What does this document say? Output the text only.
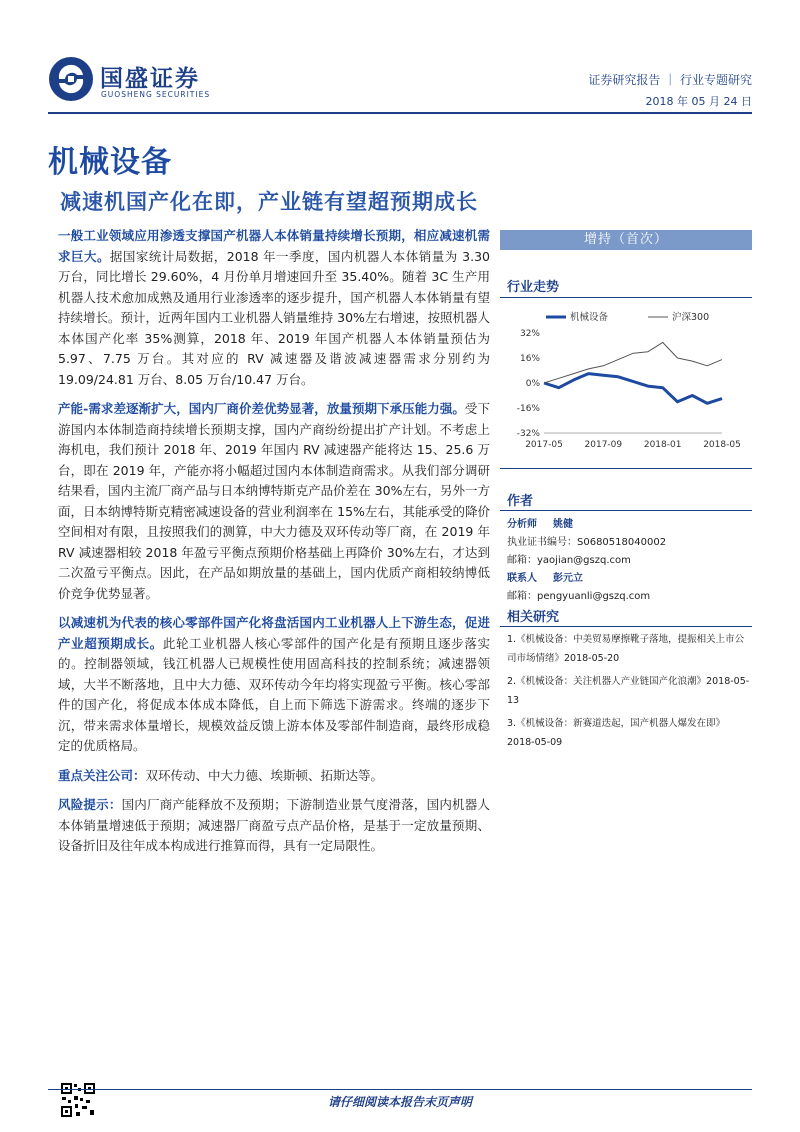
国盛证券
GUOSHENG SECURITIES
证券研究报告 ｜ 行业专题研究
2018 年 05 月 24 日
机械设备
减速机国产化在即，产业链有望超预期成长

一般工业领域应用渗透支撑国产机器人本体销量持续增长预期，相应减速机需求巨大。据国家统计局数据，2018 年一季度，国内机器人本体销量为 3.30 万台，同比增长 29.60%，4 月份单月增速回升至 35.40%。随着 3C 生产用机器人技术愈加成熟及通用行业渗透率的逐步提升，国产机器人本体销量有望持续增长。预计，近两年国内工业机器人销量维持 30%左右增速，按照机器人本体国产化率 35%测算，2018 年、2019 年国产机器人本体销量预估为 5.97、7.75 万台。其对应的 RV 减速器及谐波减速器需求分别约为 19.09/24.81 万台、8.05 万台/10.47 万台。

产能-需求差逐渐扩大，国内厂商价差优势显著，放量预期下承压能力强。受下游国内本体制造商持续增长预期支撑，国内产商纷纷提出扩产计划。不考虑上海机电，我们预计 2018 年、2019 年国内 RV 减速器产能将达 15、25.6 万台，即在 2019 年，产能亦将小幅超过国内本体制造商需求。从我们部分调研结果看，国内主流厂商产品与日本纳博特斯克产品价差在 30%左右，另外一方面，日本纳博特斯克精密减速设备的营业利润率在 15%左右，其能承受的降价空间相对有限，且按照我们的测算，中大力德及双环传动等厂商，在 2019 年 RV 减速器相较 2018 年盈亏平衡点预期价格基础上再降价 30%左右，才达到二次盈亏平衡点。因此，在产品如期放量的基础上，国内优质产商相较纳博低价竞争优势显著。

以减速机为代表的核心零部件国产化将盘活国内工业机器人上下游生态，促进产业超预期成长。此轮工业机器人核心零部件的国产化是有预期且逐步落实的。控制器领域，钱江机器人已规模性使用固高科技的控制系统；减速器领域，大半不断落地，且中大力德、双环传动今年均将实现盈亏平衡。核心零部件的国产化，将促成本体成本降低，自上而下筛选下游需求。终端的逐步下沉，带来需求体量增长，规模效益反馈上游本体及零部件制造商，最终形成稳定的优质格局。

重点关注公司：双环传动、中大力德、埃斯顿、拓斯达等。

风险提示：国内厂商产能释放不及预期；下游制造业景气度滑落，国内机器人本体销量增速低于预期；减速器厂商盈亏点产品价格，是基于一定放量预期、设备折旧及往年成本构成进行推算而得，具有一定局限性。

增持（首次）
行业走势
32%
16%
0%
-16%
-32%
2017-05 2017-09 2018-01 2018-05
机械设备	沪深300
作者
分析师 姚健
执业证书编号：S0680518040002
邮箱：yaojian@gszq.com
联系人 彭元立
邮箱：pengyuanli@gszq.com
相关研究
1.《机械设备：中美贸易摩擦靴子落地，提振相关上市公司市场情绪》2018-05-20
2.《机械设备：关注机器人产业链国产化浪潮》2018-05-13
3.《机械设备：新赛道迭起，国产机器人爆发在即》2018-05-09
请仔细阅读本报告末页声明
